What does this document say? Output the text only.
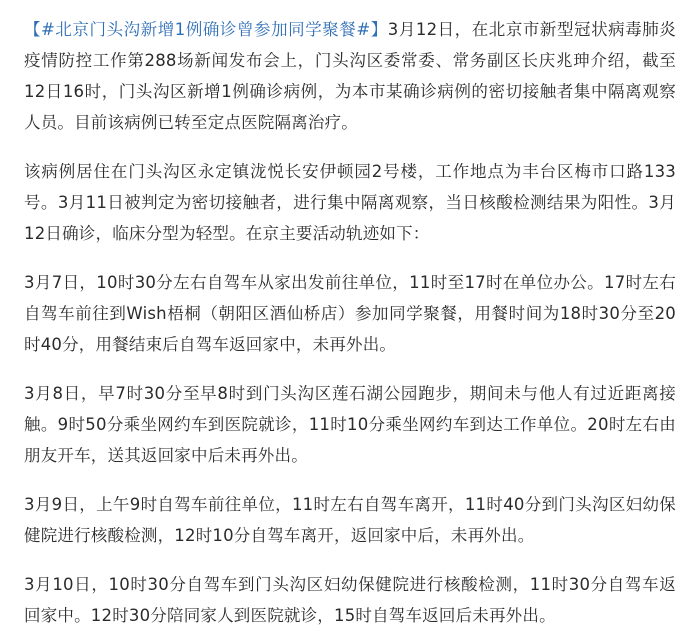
【#北京门头沟新增1例确诊曾参加同学聚餐#】3月12日，在北京市新型冠状病毒肺炎疫情防控工作第288场新闻发布会上，门头沟区委常委、常务副区长庆兆珅介绍，截至12日16时，门头沟区新增1例确诊病例，为本市某确诊病例的密切接触者集中隔离观察人员。目前该病例已转至定点医院隔离治疗。

该病例居住在门头沟区永定镇泷悦长安伊顿园2号楼，工作地点为丰台区梅市口路133号。3月11日被判定为密切接触者，进行集中隔离观察，当日核酸检测结果为阳性。3月12日确诊，临床分型为轻型。在京主要活动轨迹如下：

3月7日，10时30分左右自驾车从家出发前往单位，11时至17时在单位办公。17时左右自驾车前往到Wish梧桐（朝阳区酒仙桥店）参加同学聚餐，用餐时间为18时30分至20时40分，用餐结束后自驾车返回家中，未再外出。

3月8日，早7时30分至早8时到门头沟区莲石湖公园跑步，期间未与他人有过近距离接触。9时50分乘坐网约车到医院就诊，11时10分乘坐网约车到达工作单位。20时左右由朋友开车，送其返回家中后未再外出。

3月9日，上午9时自驾车前往单位，11时左右自驾车离开，11时40分到门头沟区妇幼保健院进行核酸检测，12时10分自驾车离开，返回家中后，未再外出。

3月10日，10时30分自驾车到门头沟区妇幼保健院进行核酸检测，11时30分自驾车返回家中。12时30分陪同家人到医院就诊，15时自驾车返回后未再外出。
